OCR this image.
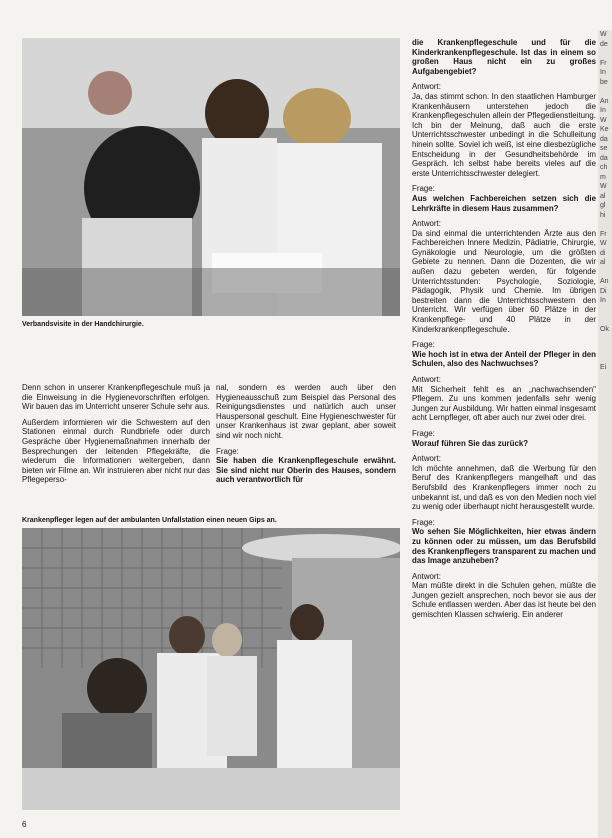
Verbandsvisite in der Handchirurgie.

Denn schon in unserer Krankenpflegeschule muß ja die Einweisung in die Hygienevorschriften erfolgen. Wir bauen das im Unterricht unserer Schule sehr aus.

Außerdem informieren wir die Schwestern auf den Stationen einmal durch Rundbriefe oder durch Gespräche über Hygienemaßnahmen innerhalb der Besprechungen der leitenden Pflegekräfte, die wiederum die Informationen weitergeben, dann bieten wir Filme an. Wir instruieren aber nicht nur das Pflegeperso-

nal, sondern es werden auch über den Hygieneausschuß zum Beispiel das Personal des Reinigungsdienstes und natürlich auch unser Hauspersonal geschult. Eine Hygieneschwester für unser Krankenhaus ist zwar geplant, aber soweit sind wir noch nicht.

Frage:

Sie haben die Krankenpflegeschule erwähnt. Sie sind nicht nur Oberin des Hauses, sondern auch verantwortlich für

Krankenpfleger legen auf der ambulanten Unfallstation einen neuen Gips an.

die Krankenpflegeschule und für die Kinderkrankenpflegeschule. Ist das in einem so großen Haus nicht ein zu großes Aufgabengebiet?

Antwort:

Ja, das stimmt schon. In den staatlichen Hamburger Krankenhäusern unterstehen jedoch die Krankenpflegeschulen allein der Pflegedienstleitung. Ich bin der Meinung, daß auch die erste Unterrichtsschwester unbedingt in die Schulleitung hinein sollte. Soviel ich weiß, ist eine diesbezügliche Entscheidung in der Gesundheitsbehörde im Gespräch. Ich selbst habe bereits vieles auf die erste Unterrichtsschwester delegiert.

Frage:

Aus welchen Fachbereichen setzen sich die Lehrkräfte in diesem Haus zusammen?

Antwort:

Da sind einmal die unterrichtenden Ärzte aus den Fachbereichen Innere Medizin, Pädiatrie, Chirurgie, Gynäkologie und Neurologie, um die größten Gebiete zu nennen. Dann die Dozenten, die wir außen dazu gebeten werden, für folgende Unterrichtsstunden: Psychologie, Soziologie, Pädagogik, Physik und Chemie. Im übrigen bestreiten dann die Unterrichtsschwestern den Unterricht. Wir verfügen über 60 Plätze in der Krankenpflege- und 40 Plätze in der Kinderkrankenpflegeschule.

Frage:

Wie hoch ist in etwa der Anteil der Pfleger in den Schulen, also des Nachwuchses?

Antwort:

Mit Sicherheit fehlt es an „nachwachsenden" Pflegern. Zu uns kommen jedenfalls sehr wenig Jungen zur Ausbildung. Wir hatten einmal insgesamt acht Lernpfleger, oft aber auch nur zwei oder drei.

Frage:

Worauf führen Sie das zurück?

Antwort:

Ich möchte annehmen, daß die Werbung für den Beruf des Krankenpflegers mangelhaft und das Berufsbild des Krankenpflegers immer noch zu unbekannt ist, und daß es von den Medien noch viel zu wenig oder überhaupt nicht herausgestellt wurde.

Frage:

Wo sehen Sie Möglichkeiten, hier etwas ändern zu können oder zu müssen, um das Berufsbild des Krankenpflegers transparent zu machen und das Image anzuheben?

Antwort:

Man müßte direkt in die Schulen gehen, müßte die Jungen gezielt ansprechen, noch bevor sie aus der Schule entlassen werden. Aber das ist heute bei den gemischten Klassen schwierig. Ein anderer

W
de

Fr
In
be

An
In
W
Ke
da
se
da
ch
m
W
al
gl
hi

Fr
W
di
al

An
Di
In

Ok

Ei
6
